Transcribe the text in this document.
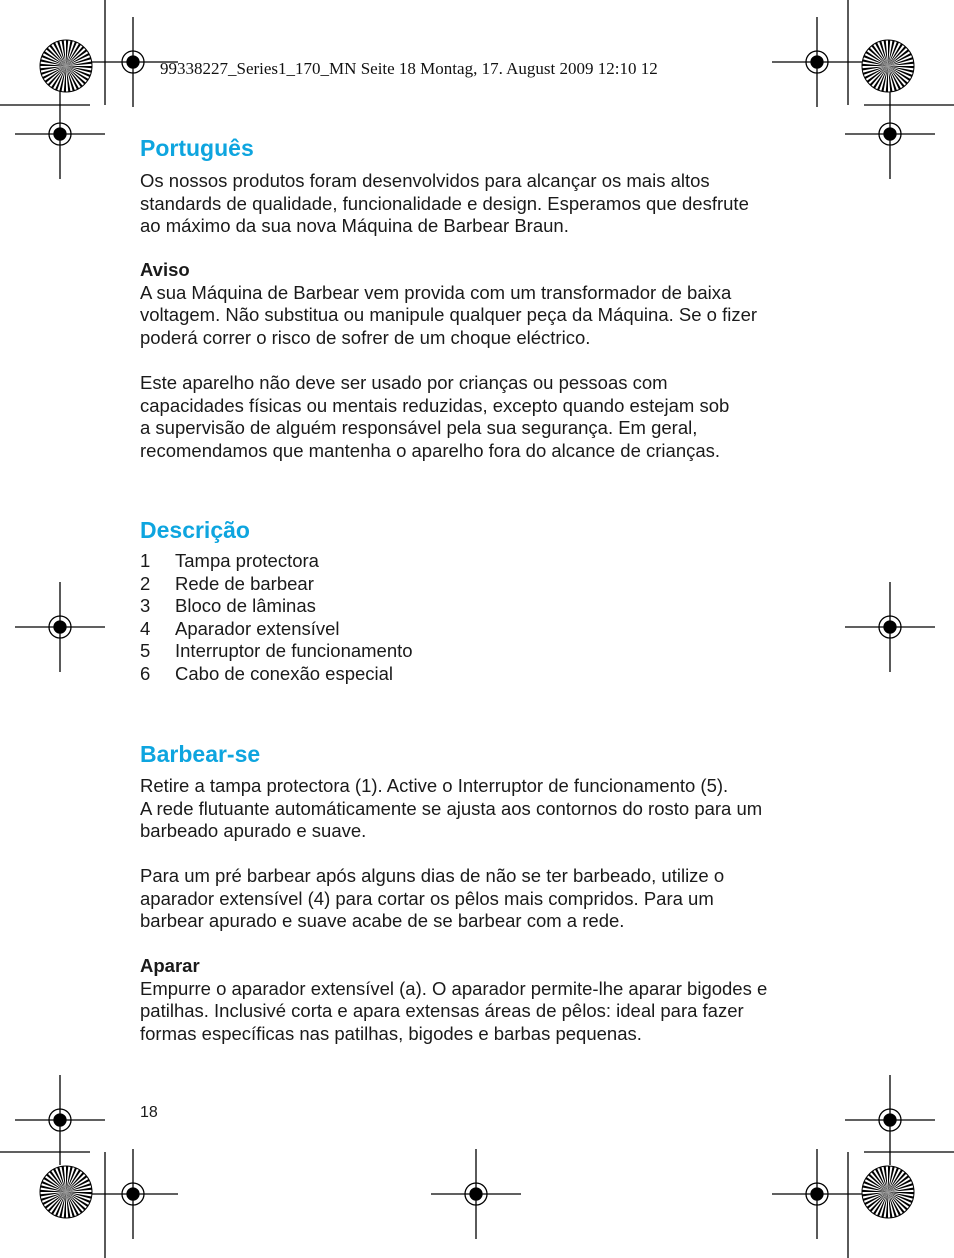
99338227_Series1_170_MN Seite 18 Montag, 17. August 2009 12:10 12
Português

Os nossos produtos foram desenvolvidos para alcançar os mais altos
standards de qualidade, funcionalidade e design. Esperamos que desfrute
ao máximo da sua nova Máquina de Barbear Braun.

Aviso
A sua Máquina de Barbear vem provida com um transformador de baixa
voltagem. Não substitua ou manipule qualquer peça da Máquina. Se o fizer
poderá correr o risco de sofrer de um choque eléctrico.

Este aparelho não deve ser usado por crianças ou pessoas com
capacidades físicas ou mentais reduzidas, excepto quando estejam sob
a supervisão de alguém responsável pela sua segurança. Em geral,
recomendamos que mantenha o aparelho fora do alcance de crianças.

Descrição
1 Tampa protectora
2 Rede de barbear
3 Bloco de lâminas
4 Aparador extensível
5 Interruptor de funcionamento
6 Cabo de conexão especial
Barbear-se

Retire a tampa protectora (1). Active o Interruptor de funcionamento (5).
A rede flutuante automáticamente se ajusta aos contornos do rosto para um
barbeado apurado e suave.

Para um pré barbear após alguns dias de não se ter barbeado, utilize o
aparador extensível (4) para cortar os pêlos mais compridos. Para um
barbear apurado e suave acabe de se barbear com a rede.

Aparar
Empurre o aparador extensível (a). O aparador permite-lhe aparar bigodes e
patilhas. Inclusivé corta e apara extensas áreas de pêlos: ideal para fazer
formas específicas nas patilhas, bigodes e barbas pequenas.

18
